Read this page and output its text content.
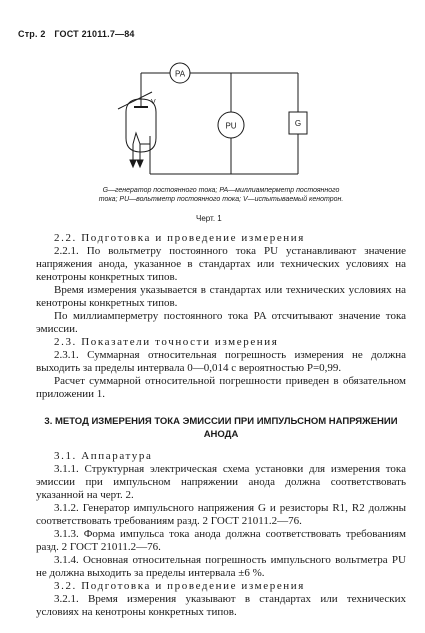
Стр. 2 ГОСТ 21011.7—84
PA
PU	G
V
G—генератор постоянного тока; PA—миллиамперметр постоянного тока; PU—вольтметр постоянного тока; V—испытываемый кенотрон.
Черт. 1

2.2. Подготовка и проведение измерения

2.2.1. По вольтметру постоянного тока PU устанавливают значение напряжения анода, указанное в стандартах или технических условиях на кенотроны конкретных типов.

Время измерения указывается в стандартах или технических условиях на кенотроны конкретных типов.

По миллиамперметру постоянного тока PA отсчитывают значение тока эмиссии.

2.3. Показатели точности измерения

2.3.1. Суммарная относительная погрешность измерения не должна выходить за пределы интервала 0—0,014 с вероятностью P=0,99.

Расчет суммарной относительной погрешности приведен в обязательном приложении 1.

3. МЕТОД ИЗМЕРЕНИЯ ТОКА ЭМИССИИ ПРИ ИМПУЛЬСНОМ НАПРЯЖЕНИИ АНОДА

3.1. Аппаратура

3.1.1. Структурная электрическая схема установки для измерения тока эмиссии при импульсном напряжении анода должна соответствовать указанной на черт. 2.

3.1.2. Генератор импульсного напряжения G и резисторы R1, R2 должны соответствовать требованиям разд. 2 ГОСТ 21011.2—76.

3.1.3. Форма импульса тока анода должна соответствовать требованиям разд. 2 ГОСТ 21011.2—76.

3.1.4. Основная относительная погрешность импульсного вольтметра PU не должна выходить за пределы интервала ±6 %.

3.2. Подготовка и проведение измерения

3.2.1. Время измерения указывают в стандартах или технических условиях на кенотроны конкретных типов.
